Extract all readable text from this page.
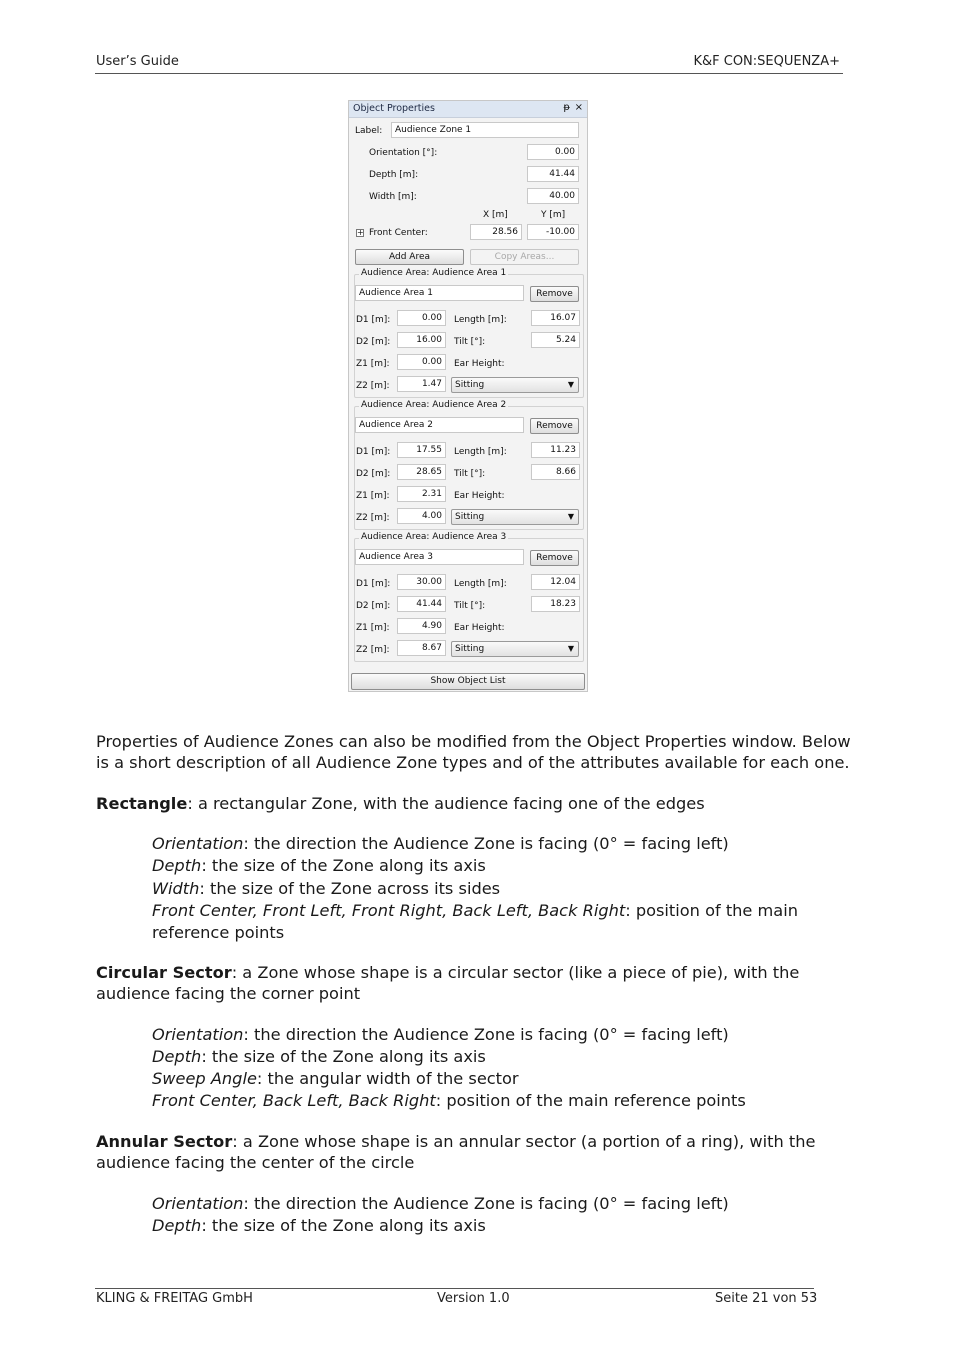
User’s Guide	K&F CON:SEQUENZA+
Object Properties	ᵽ ×
Label:	Audience Zone 1
Orientation [°]:	0.00
Depth [m]:	41.44
Width [m]:	40.00
X [m]	Y [m]
+ Front Center:	28.56	-10.00
Add Area	Copy Areas...
Audience Area: Audience Area 1
Audience Area 1	Remove
D1 [m]:	0.00	Length [m]:	16.07
D2 [m]:	16.00	Tilt [°]:	5.24
Z1 [m]:	0.00	Ear Height:
Z2 [m]:	1.47	Sitting	▼
Audience Area: Audience Area 2
Audience Area 2	Remove
D1 [m]:	17.55	Length [m]:	11.23
D2 [m]:	28.65	Tilt [°]:	8.66
Z1 [m]:	2.31	Ear Height:
Z2 [m]:	4.00	Sitting	▼
Audience Area: Audience Area 3
Audience Area 3	Remove
D1 [m]:	30.00	Length [m]:	12.04
D2 [m]:	41.44	Tilt [°]:	18.23
Z1 [m]:	4.90	Ear Height:
Z2 [m]:	8.67	Sitting	▼
Show Object List
Properties of Audience Zones can also be modified from the Object Properties window. Below is a short description of all Audience Zone types and of the attributes available for each one.
Rectangle: a rectangular Zone, with the audience facing one of the edges
Orientation: the direction the Audience Zone is facing (0° = facing left)
Depth: the size of the Zone along its axis
Width: the size of the Zone across its sides
Front Center, Front Left, Front Right, Back Left, Back Right: position of the main reference points
Circular Sector: a Zone whose shape is a circular sector (like a piece of pie), with the audience facing the corner point
Orientation: the direction the Audience Zone is facing (0° = facing left)
Depth: the size of the Zone along its axis
Sweep Angle: the angular width of the sector
Front Center, Back Left, Back Right: position of the main reference points
Annular Sector: a Zone whose shape is an annular sector (a portion of a ring), with the audience facing the center of the circle
Orientation: the direction the Audience Zone is facing (0° = facing left)
Depth: the size of the Zone along its axis
KLING & FREITAG GmbH	Version 1.0	Seite 21 von 53
